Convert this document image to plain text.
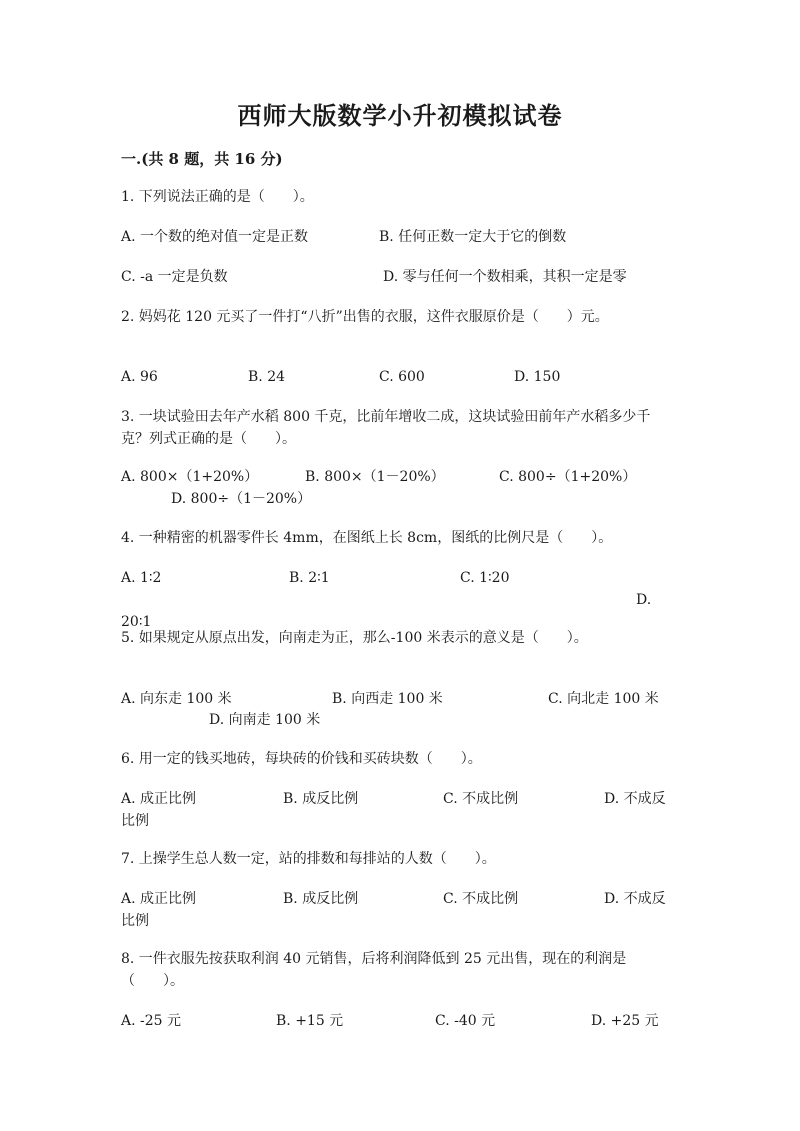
西师大版数学小升初模拟试卷
一.(共 8 题，共 16 分)
1. 下列说法正确的是（　　）。
A. 一个数的绝对值一定是正数	B. 任何正数一定大于它的倒数
C. -a 一定是负数	D. 零与任何一个数相乘，其积一定是零
2. 妈妈花 120 元买了一件打“八折”出售的衣服，这件衣服原价是（　　）元。
A. 96	B. 24	C. 600	D. 150
3. 一块试验田去年产水稻 800 千克，比前年增收二成，这块试验田前年产水稻多少千克？列式正确的是（　　）。
A. 800×（1+20%）	B. 800×（1－20%）	C. 800÷（1+20%）
D. 800÷（1－20%）
4. 一种精密的机器零件长 4mm，在图纸上长 8cm，图纸的比例尺是（　　）。
A. 1∶2	B. 2∶1	C. 1∶20
D. 20∶1
5. 如果规定从原点出发，向南走为正，那么-100 米表示的意义是（　　）。
A. 向东走 100 米	B. 向西走 100 米	C. 向北走 100 米
D. 向南走 100 米
6. 用一定的钱买地砖，每块砖的价钱和买砖块数（　　）。
A. 成正比例	B. 成反比例	C. 不成比例	D. 不成反比例
7. 上操学生总人数一定，站的排数和每排站的人数（　　）。
A. 成正比例	B. 成反比例	C. 不成比例	D. 不成反比例
8. 一件衣服先按获取利润 40 元销售，后将利润降低到 25 元出售，现在的利润是（　　）。
A. -25 元	B. +15 元	C. -40 元	D. +25 元
